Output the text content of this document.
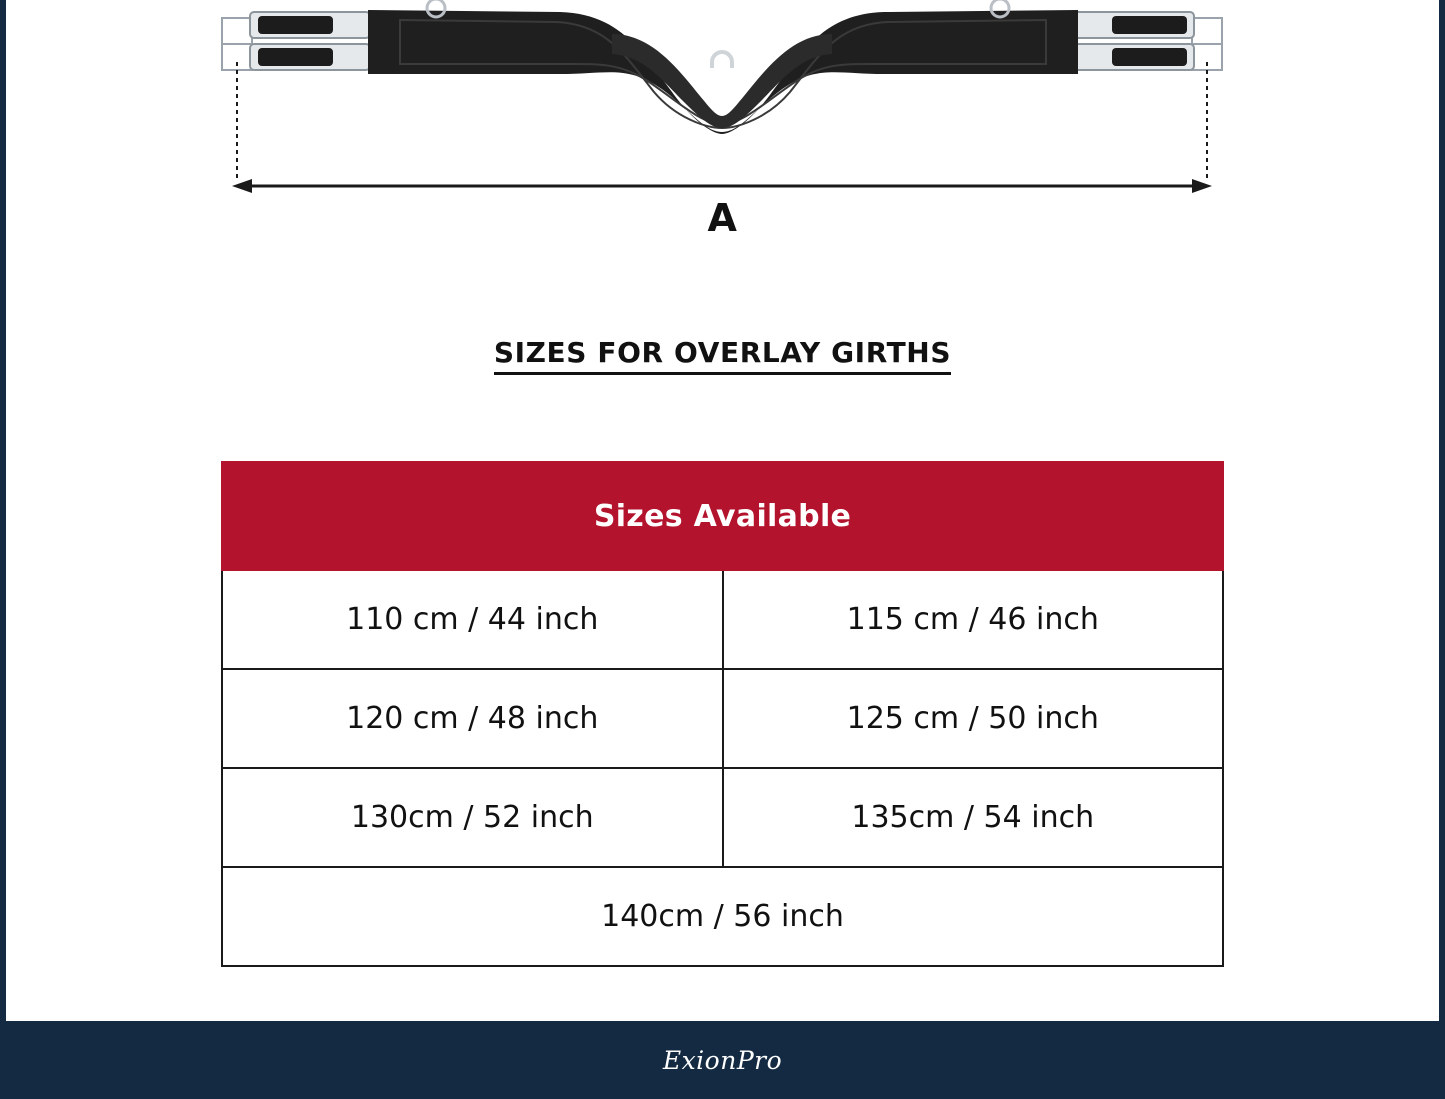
A
SIZES FOR OVERLAY GIRTHS
Sizes Available	
110 cm / 44 inch	115 cm / 46 inch
120 cm / 48 inch	125 cm / 50 inch
130cm / 52 inch	135cm / 54 inch
140cm / 56 inch	
ExionPro
